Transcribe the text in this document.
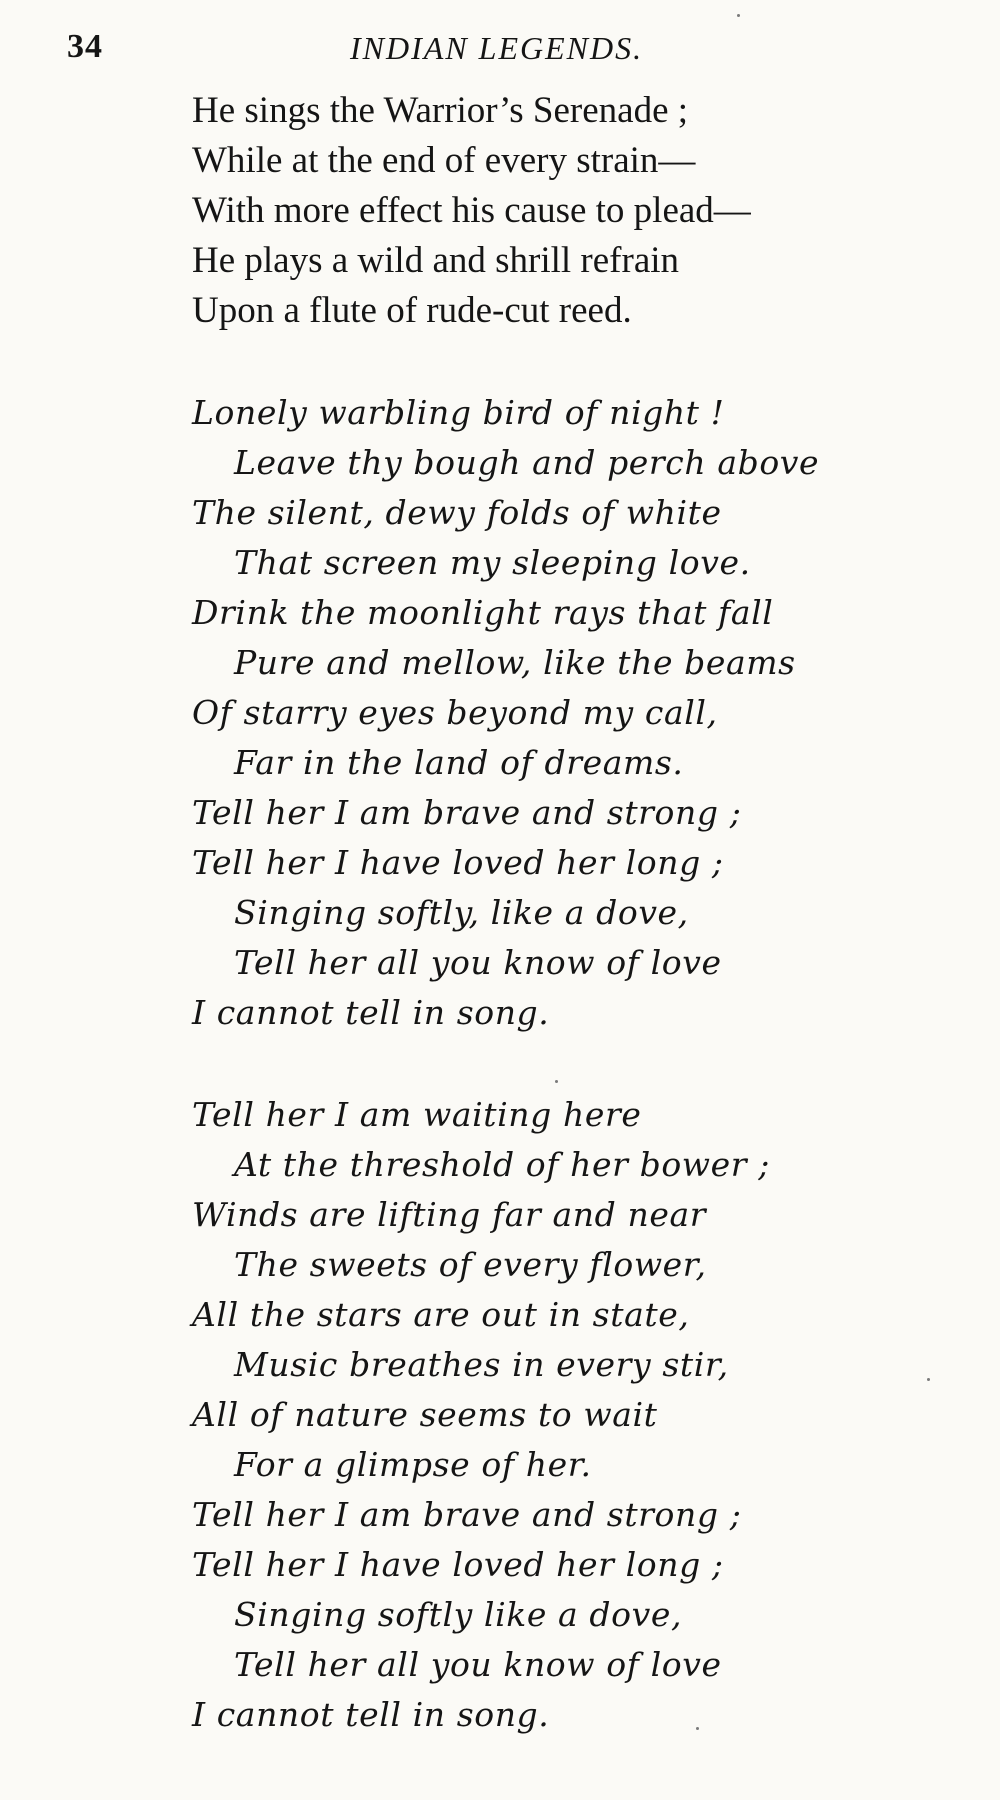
34	INDIAN LEGENDS.
He sings the Warrior’s Serenade ;
While at the end of every strain—
With more effect his cause to plead—
He plays a wild and shrill refrain
Upon a flute of rude-cut reed.
Lonely warbling bird of night !
Leave thy bough and perch above
The silent, dewy folds of white
That screen my sleeping love.
Drink the moonlight rays that fall
Pure and mellow, like the beams
Of starry eyes beyond my call,
Far in the land of dreams.
Tell her I am brave and strong ;
Tell her I have loved her long ;
Singing softly, like a dove,
Tell her all you know of love
I cannot tell in song.
Tell her I am waiting here
At the threshold of her bower ;
Winds are lifting far and near
The sweets of every flower,
All the stars are out in state,
Music breathes in every stir,
All of nature seems to wait
For a glimpse of her.
Tell her I am brave and strong ;
Tell her I have loved her long ;
Singing softly like a dove,
Tell her all you know of love
I cannot tell in song.
